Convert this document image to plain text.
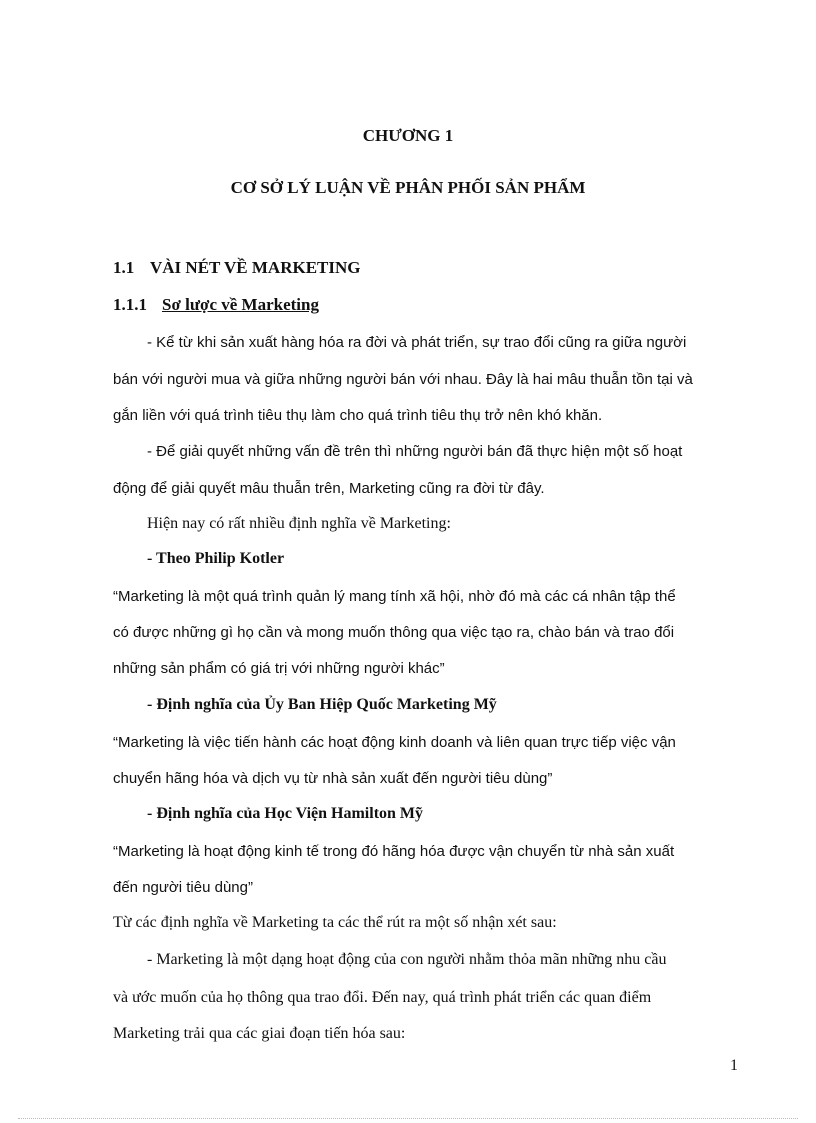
CHƯƠNG 1
CƠ SỞ LÝ LUẬN VỀ PHÂN PHỐI SẢN PHẨM
1.1 VÀI NÉT VỀ MARKETING
1.1.1 Sơ lược về Marketing
- Kể từ khi sản xuất hàng hóa ra đời và phát triển, sự trao đổi cũng ra giữa người
bán với người mua và giữa những người bán với nhau. Đây là hai mâu thuẫn tồn tại và
gắn liền với quá trình tiêu thụ làm cho quá trình tiêu thụ trở nên khó khăn.
- Để giải quyết những vấn đề trên thì những người bán đã thực hiện một số hoạt
động để giải quyết mâu thuẫn trên, Marketing cũng ra đời từ đây.
Hiện nay có rất nhiều định nghĩa về Marketing:
- Theo Philip Kotler
“Marketing là một quá trình quản lý mang tính xã hội, nhờ đó mà các cá nhân tập thể
có được những gì họ cần và mong muốn thông qua việc tạo ra, chào bán và trao đổi
những sản phẩm có giá trị với những người khác”
- Định nghĩa của Ủy Ban Hiệp Quốc Marketing Mỹ
“Marketing là việc tiến hành các hoạt động kinh doanh và liên quan trực tiếp việc vận
chuyển hãng hóa và dịch vụ từ nhà sản xuất đến người tiêu dùng”
- Định nghĩa của Học Viện Hamilton Mỹ
“Marketing là hoạt động kinh tế trong đó hãng hóa được vận chuyển từ nhà sản xuất
đến người tiêu dùng”
Từ các định nghĩa về Marketing ta các thể rút ra một số nhận xét sau:
- Marketing là một dạng hoạt động của con người nhằm thỏa mãn những nhu cầu
và ước muốn của họ thông qua trao đổi. Đến nay, quá trình phát triển các quan điểm
Marketing trải qua các giai đoạn tiến hóa sau:
1
